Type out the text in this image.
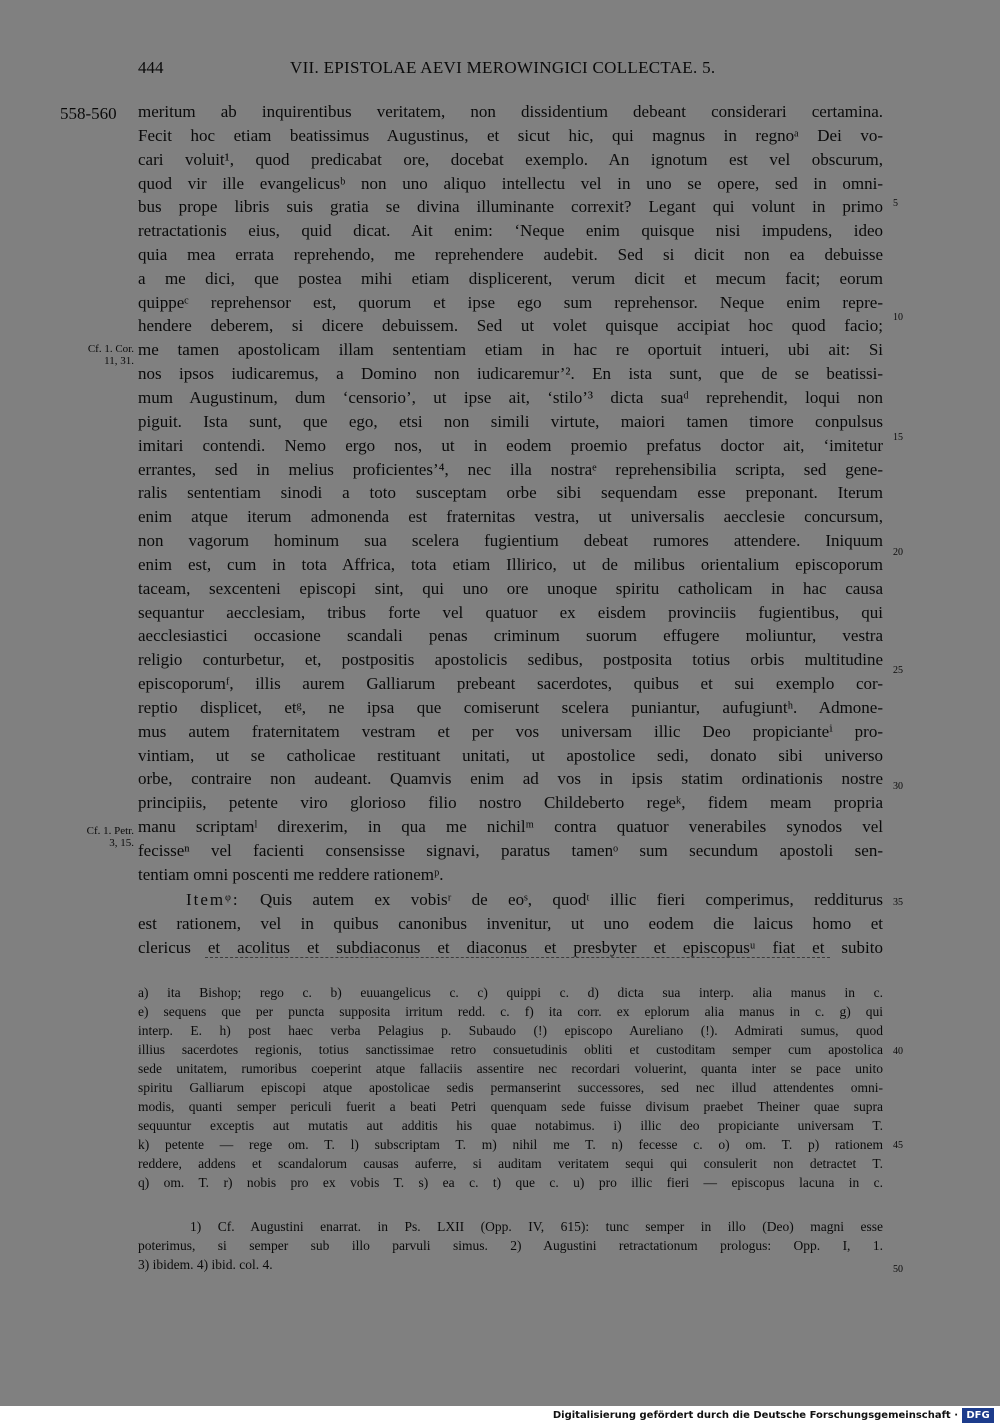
444	VII. EPISTOLAE AEVI MEROWINGICI COLLECTAE. 5.
558-560
Cf. 1. Cor.
11, 31.
Cf. 1. Petr.
3, 15.
5
10
15
20
25
30
35
40
45
50
meritum ab inquirentibus veritatem, non dissidentium debeant considerari certamina.
Fecit hoc etiam beatissimus Augustinus, et sicut hic, qui magnus in regnoᵃ Dei vo-
cari voluit¹, quod predicabat ore, docebat exemplo. An ignotum est vel obscurum,
quod vir ille evangelicusᵇ non uno aliquo intellectu vel in uno se opere, sed in omni-
bus prope libris suis gratia se divina illuminante correxit? Legant qui volunt in primo
retractationis eius, quid dicat. Ait enim: ‘Neque enim quisque nisi impudens, ideo
quia mea errata reprehendo, me reprehendere audebit. Sed si dicit non ea debuisse
a me dici, que postea mihi etiam displicerent, verum dicit et mecum facit; eorum
quippeᶜ reprehensor est, quorum et ipse ego sum reprehensor. Neque enim repre-
hendere deberem, si dicere debuissem. Sed ut volet quisque accipiat hoc quod facio;
me tamen apostolicam illam sententiam etiam in hac re oportuit intueri, ubi ait: Si
nos ipsos iudicaremus, a Domino non iudicaremur’². En ista sunt, que de se beatissi-
mum Augustinum, dum ‘censorio’, ut ipse ait, ‘stilo’³ dicta suaᵈ reprehendit, loqui non
piguit. Ista sunt, que ego, etsi non simili virtute, maiori tamen timore conpulsus
imitari contendi. Nemo ergo nos, ut in eodem proemio prefatus doctor ait, ‘imitetur
errantes, sed in melius proficientes’⁴, nec illa nostraᵉ reprehensibilia scripta, sed gene-
ralis sententiam sinodi a toto susceptam orbe sibi sequendam esse preponant. Iterum
enim atque iterum admonenda est fraternitas vestra, ut universalis aecclesie concursum,
non vagorum hominum sua scelera fugientium debeat rumores attendere. Iniquum
enim est, cum in tota Affrica, tota etiam Illirico, ut de milibus orientalium episcoporum
taceam, sexcenteni episcopi sint, qui uno ore unoque spiritu catholicam in hac causa
sequantur aecclesiam, tribus forte vel quatuor ex eisdem provinciis fugientibus, qui
aecclesiastici occasione scandali penas criminum suorum effugere moliuntur, vestra
religio conturbetur, et, postpositis apostolicis sedibus, postposita totius orbis multitudine
episcoporumᶠ, illis aurem Galliarum prebeant sacerdotes, quibus et sui exemplo cor-
reptio displicet, etᵍ, ne ipsa que comiserunt scelera puniantur, aufugiuntʰ. Admone-
mus autem fraternitatem vestram et per vos universam illic Deo propicianteⁱ pro-
vintiam, ut se catholicae restituant unitati, ut apostolice sedi, donato sibi universo
orbe, contraire non audeant. Quamvis enim ad vos in ipsis statim ordinationis nostre
principiis, petente viro glorioso filio nostro Childeberto regeᵏ, fidem meam propria
manu scriptamˡ direxerim, in qua me nichilᵐ contra quatuor venerabiles synodos vel
fecisseⁿ vel facienti consensisse signavi, paratus tamenᵒ sum secundum apostoli sen-
tentiam omni poscenti me reddere rationemᵖ.
Itemᵠ: Quis autem ex vobisʳ de eoˢ, quodᵗ illic fieri comperimus, redditurus
est rationem, vel in quibus canonibus invenitur, ut uno eodem die laicus homo et
clericus et acolitus et subdiaconus et diaconus et presbyter et episcopusᵘ fiat et subito
a) ita Bishop; rego c. b) euuangelicus c. c) quippi c. d) dicta sua interp. alia manus in c.
e) sequens que per puncta supposita irritum redd. c. f) ita corr. ex eplorum alia manus in c. g) qui
interp. E. h) post haec verba Pelagius p. Subaudo (!) episcopo Aureliano (!). Admirati sumus, quod
illius sacerdotes regionis, totius sanctissimae retro consuetudinis obliti et custoditam semper cum apostolica
sede unitatem, rumoribus coeperint atque fallaciis assentire nec recordari voluerint, quanta inter se pace unito
spiritu Galliarum episcopi atque apostolicae sedis permanserint successores, sed nec illud attendentes omni-
modis, quanti semper periculi fuerit a beati Petri quenquam sede fuisse divisum praebet Theiner quae supra
sequuntur exceptis aut mutatis aut additis his quae notabimus. i) illic deo propiciante universam T.
k) petente — rege om. T. l) subscriptam T. m) nihil me T. n) fecesse c. o) om. T. p) rationem
reddere, addens et scandalorum causas auferre, si auditam veritatem sequi qui consulerit non detractet T.
q) om. T. r) nobis pro ex vobis T. s) ea c. t) que c. u) pro illic fieri — episcopus lacuna in c.
1) Cf. Augustini enarrat. in Ps. LXII (Opp. IV, 615): tunc semper in illo (Deo) magni esse
poterimus, si semper sub illo parvuli simus. 2) Augustini retractationum prologus: Opp. I, 1.
3) ibidem. 4) ibid. col. 4.
Digitalisierung gefördert durch die Deutsche Forschungsgemeinschaft · DFG
